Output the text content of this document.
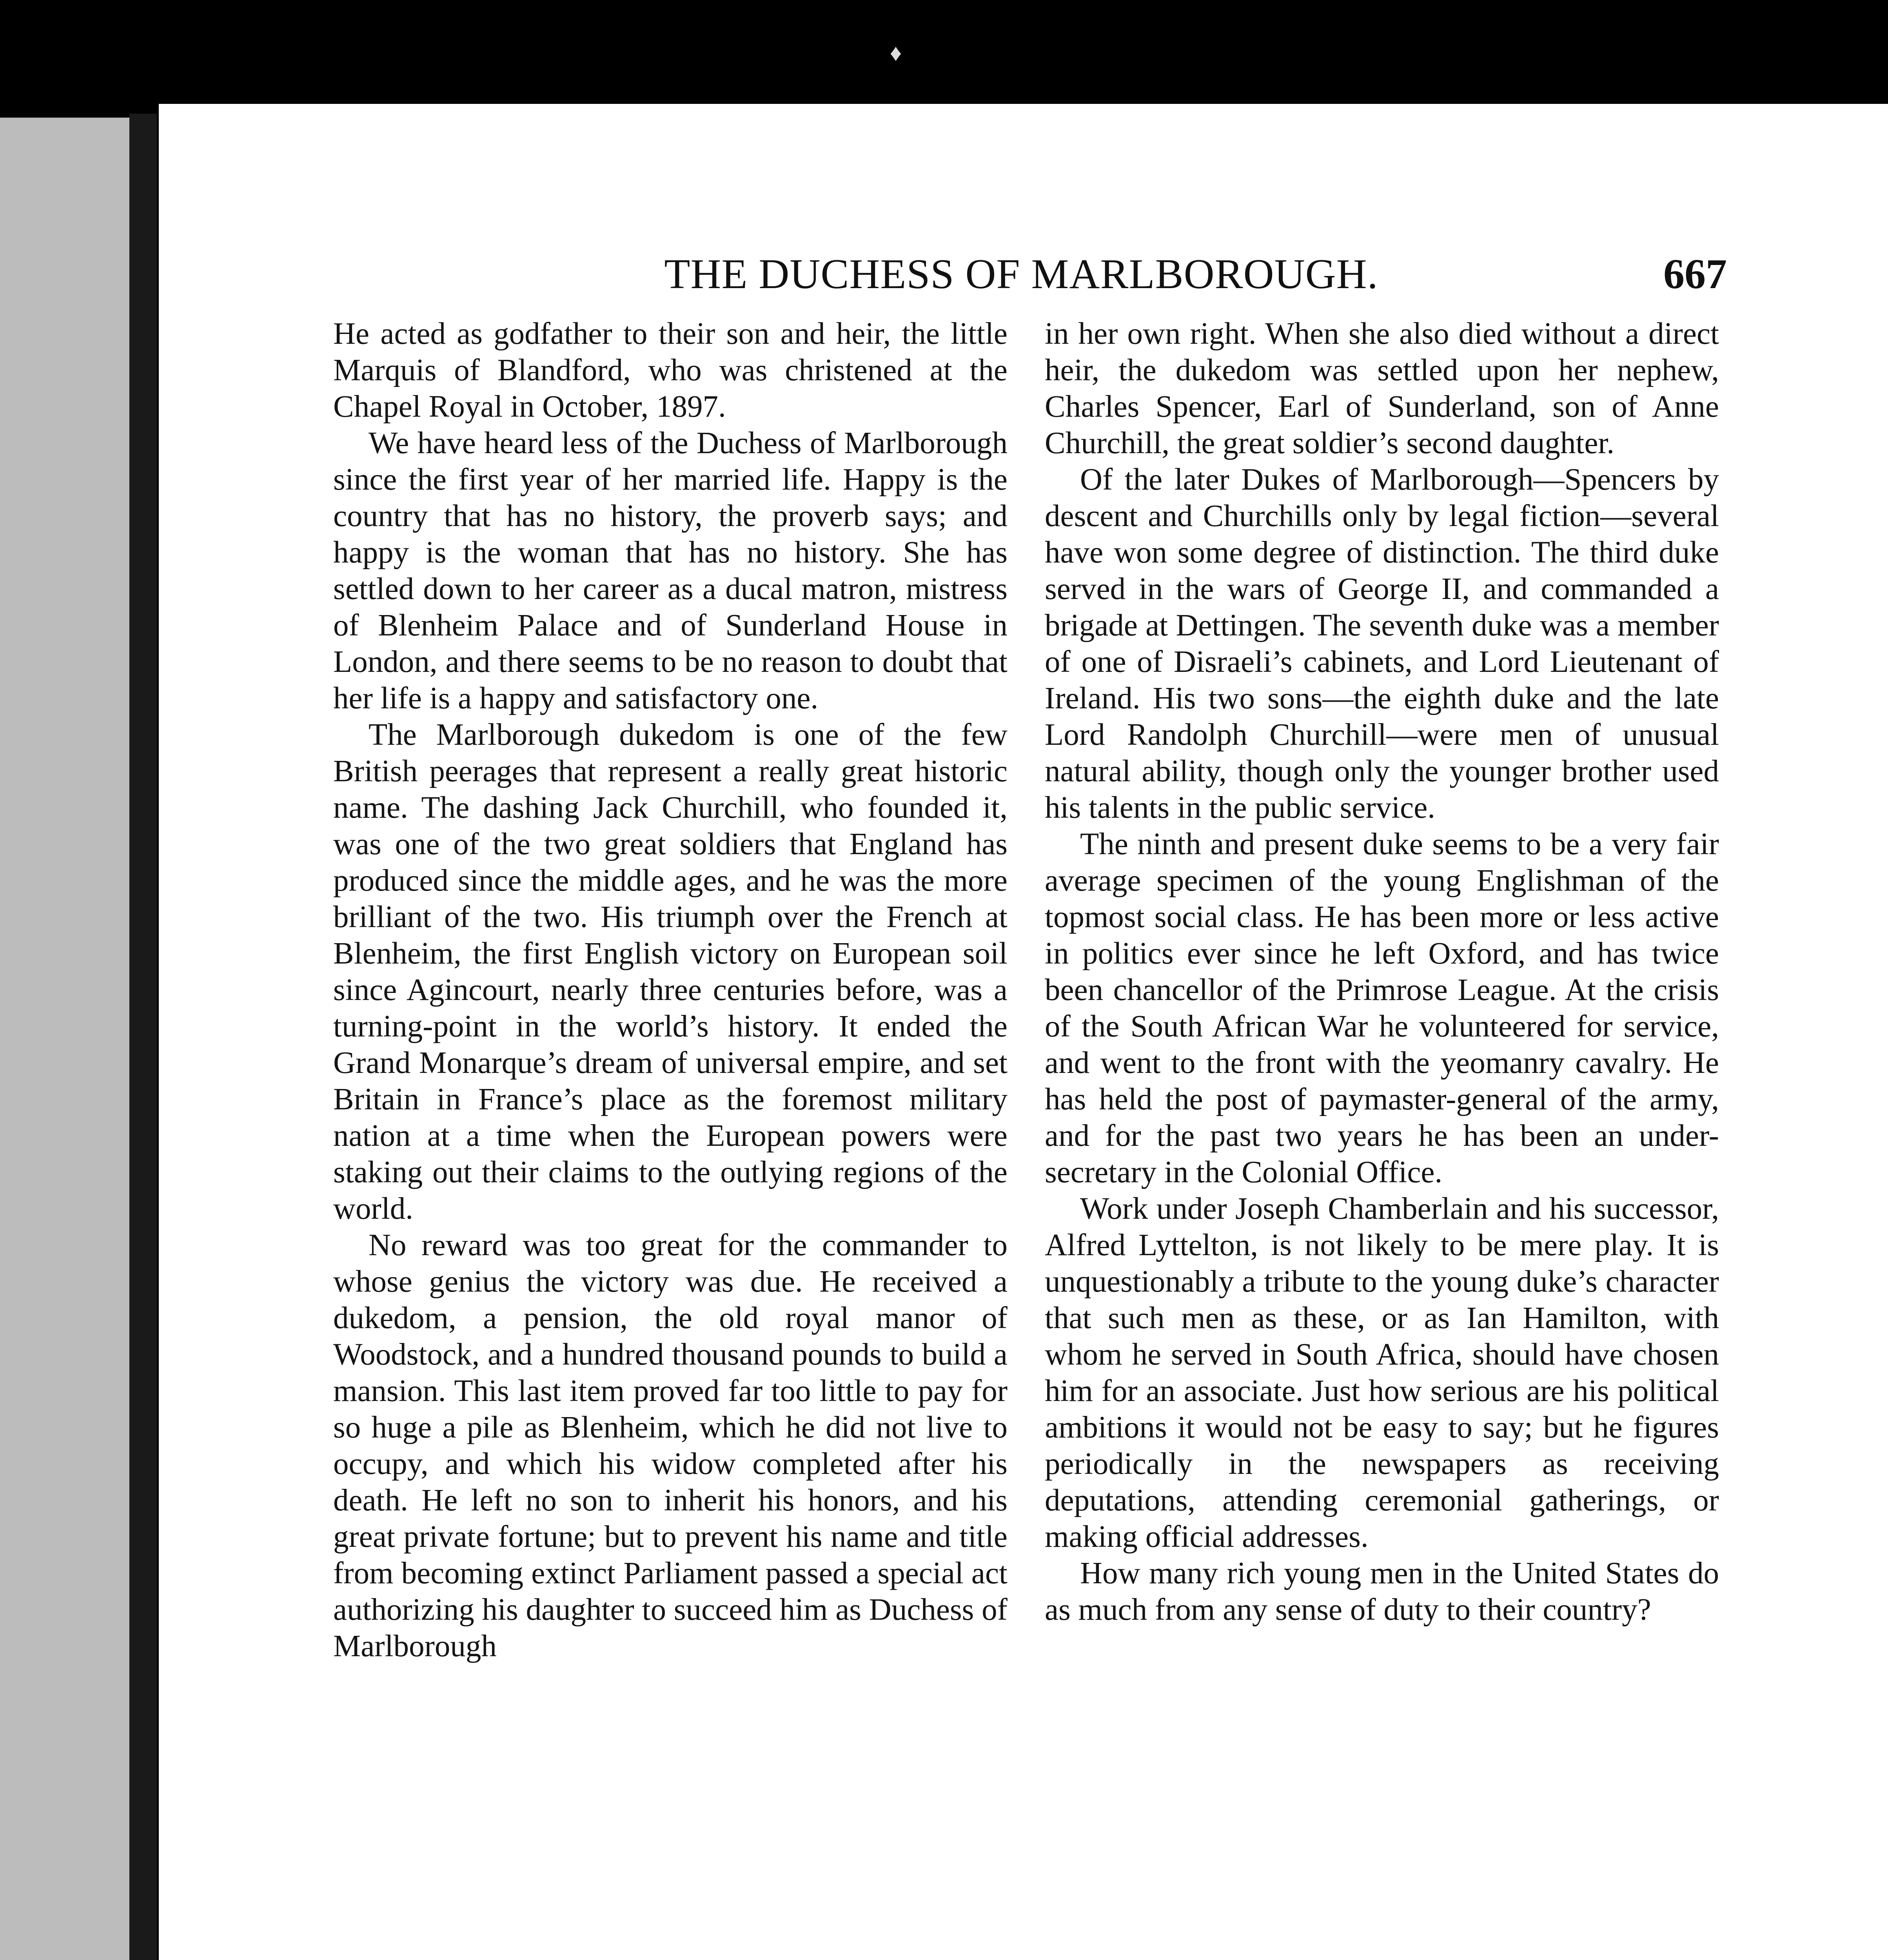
♦
THE DUCHESS OF MARLBOROUGH.	667

He acted as godfather to their son and heir, the little Marquis of Blandford, who was christened at the Chapel Royal in October, 1897.

We have heard less of the Duchess of Marlborough since the first year of her married life. Happy is the country that has no history, the proverb says; and happy is the woman that has no history. She has settled down to her career as a ducal matron, mistress of Blenheim Palace and of Sunderland House in London, and there seems to be no reason to doubt that her life is a happy and satisfactory one.

The Marlborough dukedom is one of the few British peerages that represent a really great historic name. The dashing Jack Churchill, who founded it, was one of the two great soldiers that England has produced since the middle ages, and he was the more brilliant of the two. His triumph over the French at Blenheim, the first English victory on European soil since Agincourt, nearly three centuries before, was a turning-point in the world’s history. It ended the Grand Monarque’s dream of universal empire, and set Britain in France’s place as the foremost military nation at a time when the European powers were staking out their claims to the outlying regions of the world.

No reward was too great for the commander to whose genius the victory was due. He received a dukedom, a pension, the old royal manor of Woodstock, and a hundred thousand pounds to build a mansion. This last item proved far too little to pay for so huge a pile as Blenheim, which he did not live to occupy, and which his widow completed after his death. He left no son to inherit his honors, and his great private fortune; but to prevent his name and title from becoming extinct Parliament passed a special act authorizing his daughter to succeed him as Duchess of Marlborough

in her own right. When she also died without a direct heir, the dukedom was settled upon her nephew, Charles Spencer, Earl of Sunderland, son of Anne Churchill, the great soldier’s second daughter.

Of the later Dukes of Marlborough—Spencers by descent and Churchills only by legal fiction—several have won some degree of distinction. The third duke served in the wars of George II, and commanded a brigade at Dettingen. The seventh duke was a member of one of Disraeli’s cabinets, and Lord Lieutenant of Ireland. His two sons—the eighth duke and the late Lord Randolph Churchill—were men of unusual natural ability, though only the younger brother used his talents in the public service.

The ninth and present duke seems to be a very fair average specimen of the young Englishman of the topmost social class. He has been more or less active in politics ever since he left Oxford, and has twice been chancellor of the Primrose League. At the crisis of the South African War he volunteered for service, and went to the front with the yeomanry cavalry. He has held the post of paymaster-general of the army, and for the past two years he has been an under-secretary in the Colonial Office.

Work under Joseph Chamberlain and his successor, Alfred Lyttelton, is not likely to be mere play. It is unquestionably a tribute to the young duke’s character that such men as these, or as Ian Hamilton, with whom he served in South Africa, should have chosen him for an associate. Just how serious are his political ambitions it would not be easy to say; but he figures periodically in the newspapers as receiving deputations, attending ceremonial gatherings, or making official addresses.

How many rich young men in the United States do as much from any sense of duty to their country?
